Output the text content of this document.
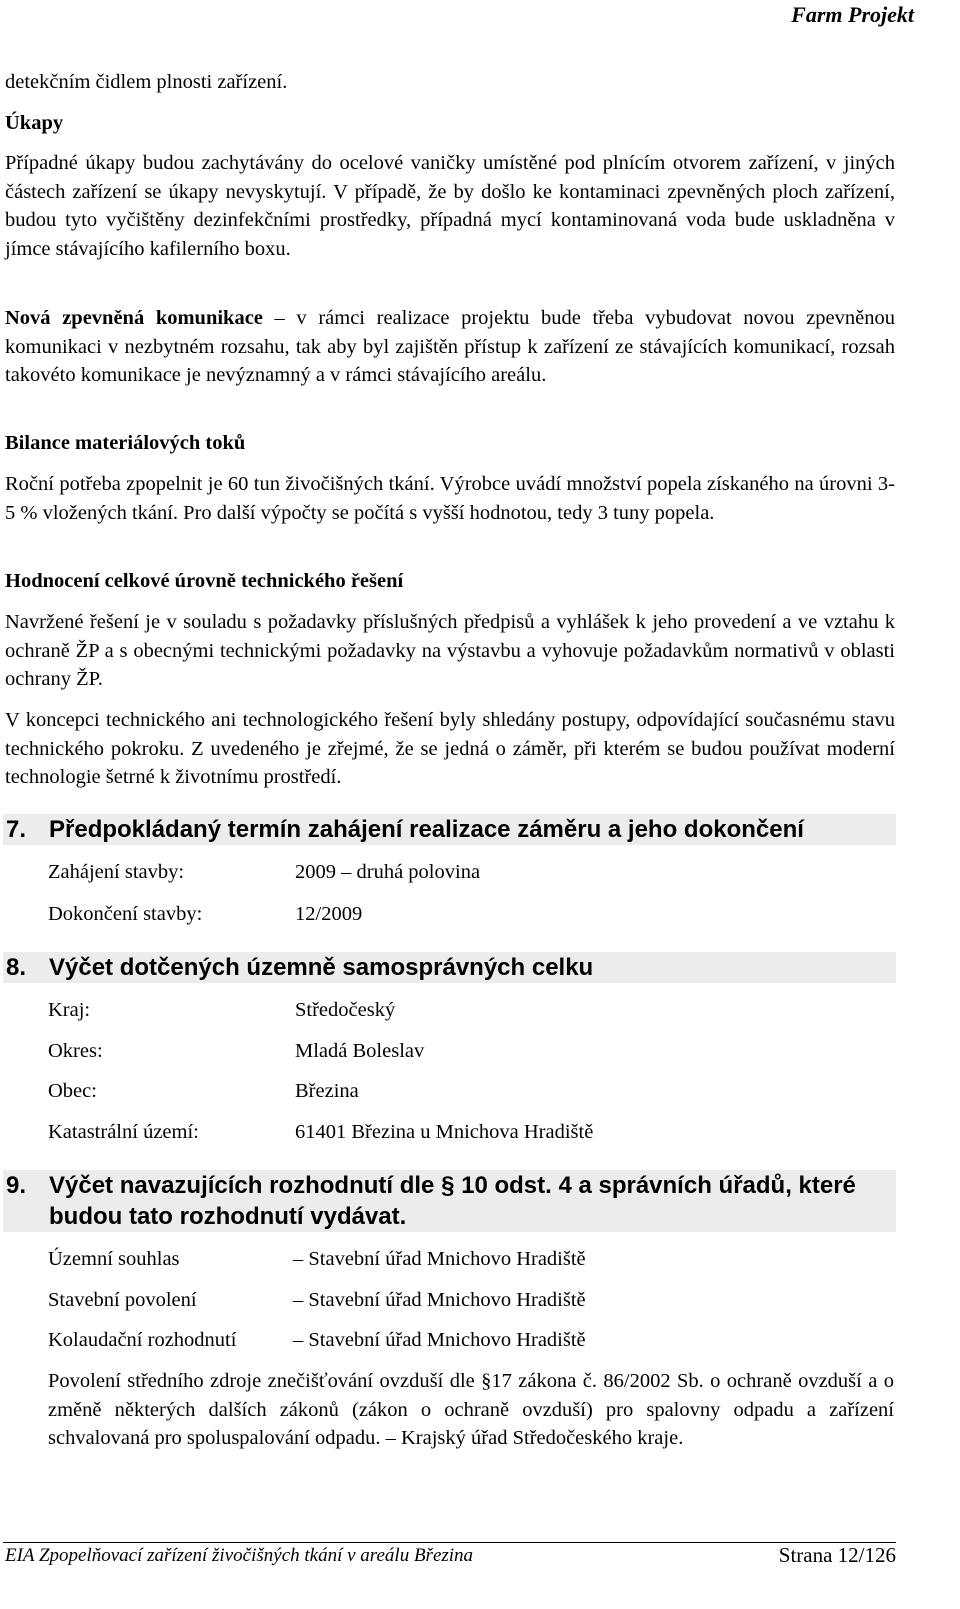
Farm Projekt
detekčním čidlem plnosti zařízení.
Úkapy
Případné úkapy budou zachytávány do ocelové vaničky umístěné pod plnícím otvorem zařízení, v jiných částech zařízení se úkapy nevyskytují. V případě, že by došlo ke kontaminaci zpevněných ploch zařízení, budou tyto vyčištěny dezinfekčními prostředky, případná mycí kontaminovaná voda bude uskladněna v jímce stávajícího kafilerního boxu.
Nová zpevněná komunikace – v rámci realizace projektu bude třeba vybudovat novou zpevněnou komunikaci v nezbytném rozsahu, tak aby byl zajištěn přístup k zařízení ze stávajících komunikací, rozsah takovéto komunikace je nevýznamný a v rámci stávajícího areálu.
Bilance materiálových toků
Roční potřeba zpopelnit je 60 tun živočišných tkání. Výrobce uvádí množství popela získaného na úrovni 3-5 % vložených tkání. Pro další výpočty se počítá s vyšší hodnotou, tedy 3 tuny popela.
Hodnocení celkové úrovně technického řešení
Navržené řešení je v souladu s požadavky příslušných předpisů a vyhlášek k jeho provedení a ve vztahu k ochraně ŽP a s obecnými technickými požadavky na výstavbu a vyhovuje požadavkům normativů v oblasti ochrany ŽP.
V koncepci technického ani technologického řešení byly shledány postupy, odpovídající současnému stavu technického pokroku. Z uvedeného je zřejmé, že se jedná o záměr, při kterém se budou používat moderní technologie šetrné k životnímu prostředí.
7. Předpokládaný termín zahájení realizace záměru a jeho dokončení
Zahájení stavby:	2009 – druhá polovina
Dokončení stavby:	12/2009
8. Výčet dotčených územně samosprávných celku
Kraj:	Středočeský
Okres:	Mladá Boleslav
Obec:	Březina
Katastrální území:	61401 Březina u Mnichova Hradiště
9. Výčet navazujících rozhodnutí dle § 10 odst. 4 a správních úřadů, které budou tato rozhodnutí vydávat.
Územní souhlas	– Stavební úřad Mnichovo Hradiště
Stavební povolení	– Stavební úřad Mnichovo Hradiště
Kolaudační rozhodnutí	– Stavební úřad Mnichovo Hradiště
Povolení středního zdroje znečišťování ovzduší dle §17 zákona č. 86/2002 Sb. o ochraně ovzduší a o změně některých dalších zákonů (zákon o ochraně ovzduší) pro spalovny odpadu a zařízení schvalovaná pro spoluspalování odpadu. – Krajský úřad Středočeského kraje.
EIA Zpopelňovací zařízení živočišných tkání v areálu Březina	Strana 12/126
